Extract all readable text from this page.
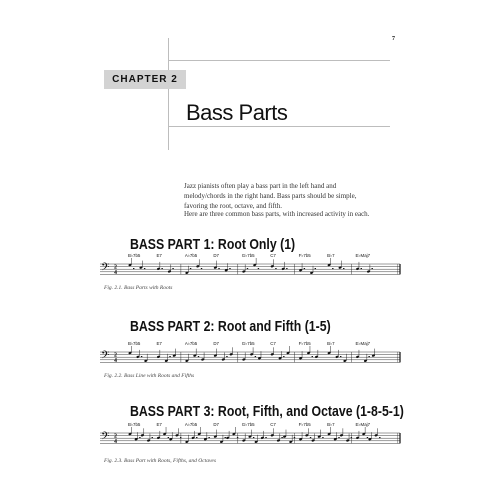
7
CHAPTER 2
Bass Parts

Jazz pianists often play a bass part in the left hand and melody/chords in the right hand. Bass parts should be simple, favoring the root, octave, and fifth.

Here are three common bass parts, with increased activity in each.

BASS PART 1: Root Only (1)
𝄢 2
4
B♭7b5	E7	A♭7b5	D7	G♭7b5	C7	F♭7b5	B♭7	E♭Maj7
Fig. 2.1. Bass Parts with Roots
BASS PART 2: Root and Fifth (1-5)
𝄢 2
4
B♭7b5	E7	A♭7b5	D7	G♭7b5	C7	F♭7b5	B♭7	E♭Maj7
Fig. 2.2. Bass Line with Roots and Fifths
BASS PART 3: Root, Fifth, and Octave (1-8-5-1)
𝄢 2
4
B♭7b5	E7	A♭7b5	D7	G♭7b5	C7	F♭7b5	B♭7	E♭Maj7
Fig. 2.3. Bass Part with Roots, Fifths, and Octaves
